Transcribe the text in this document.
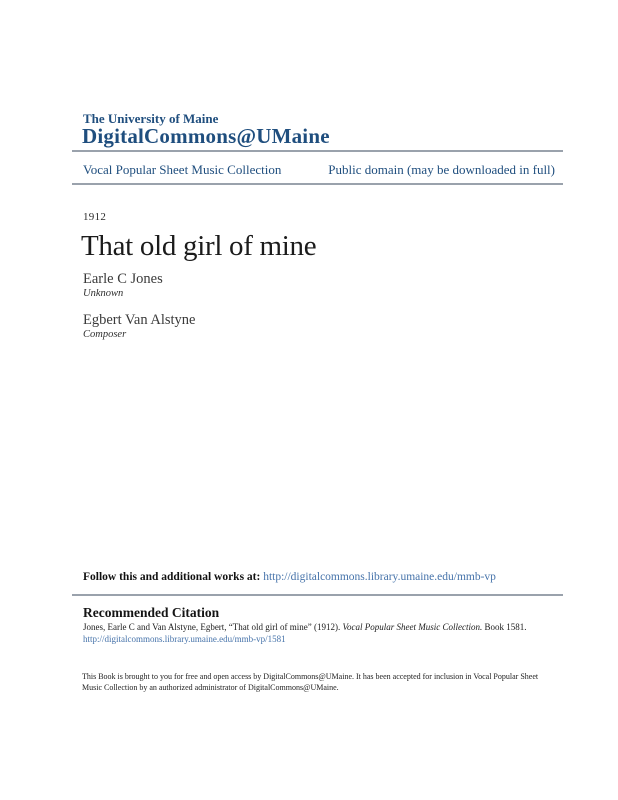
The University of Maine
DigitalCommons@UMaine
Vocal Popular Sheet Music Collection	Public domain (may be downloaded in full)
1912
That old girl of mine
Earle C Jones
Unknown
Egbert Van Alstyne
Composer
Follow this and additional works at: http://digitalcommons.library.umaine.edu/mmb-vp
Recommended Citation
Jones, Earle C and Van Alstyne, Egbert, “That old girl of mine” (1912). Vocal Popular Sheet Music Collection. Book 1581.
http://digitalcommons.library.umaine.edu/mmb-vp/1581
This Book is brought to you for free and open access by DigitalCommons@UMaine. It has been accepted for inclusion in Vocal Popular Sheet Music Collection by an authorized administrator of DigitalCommons@UMaine.
